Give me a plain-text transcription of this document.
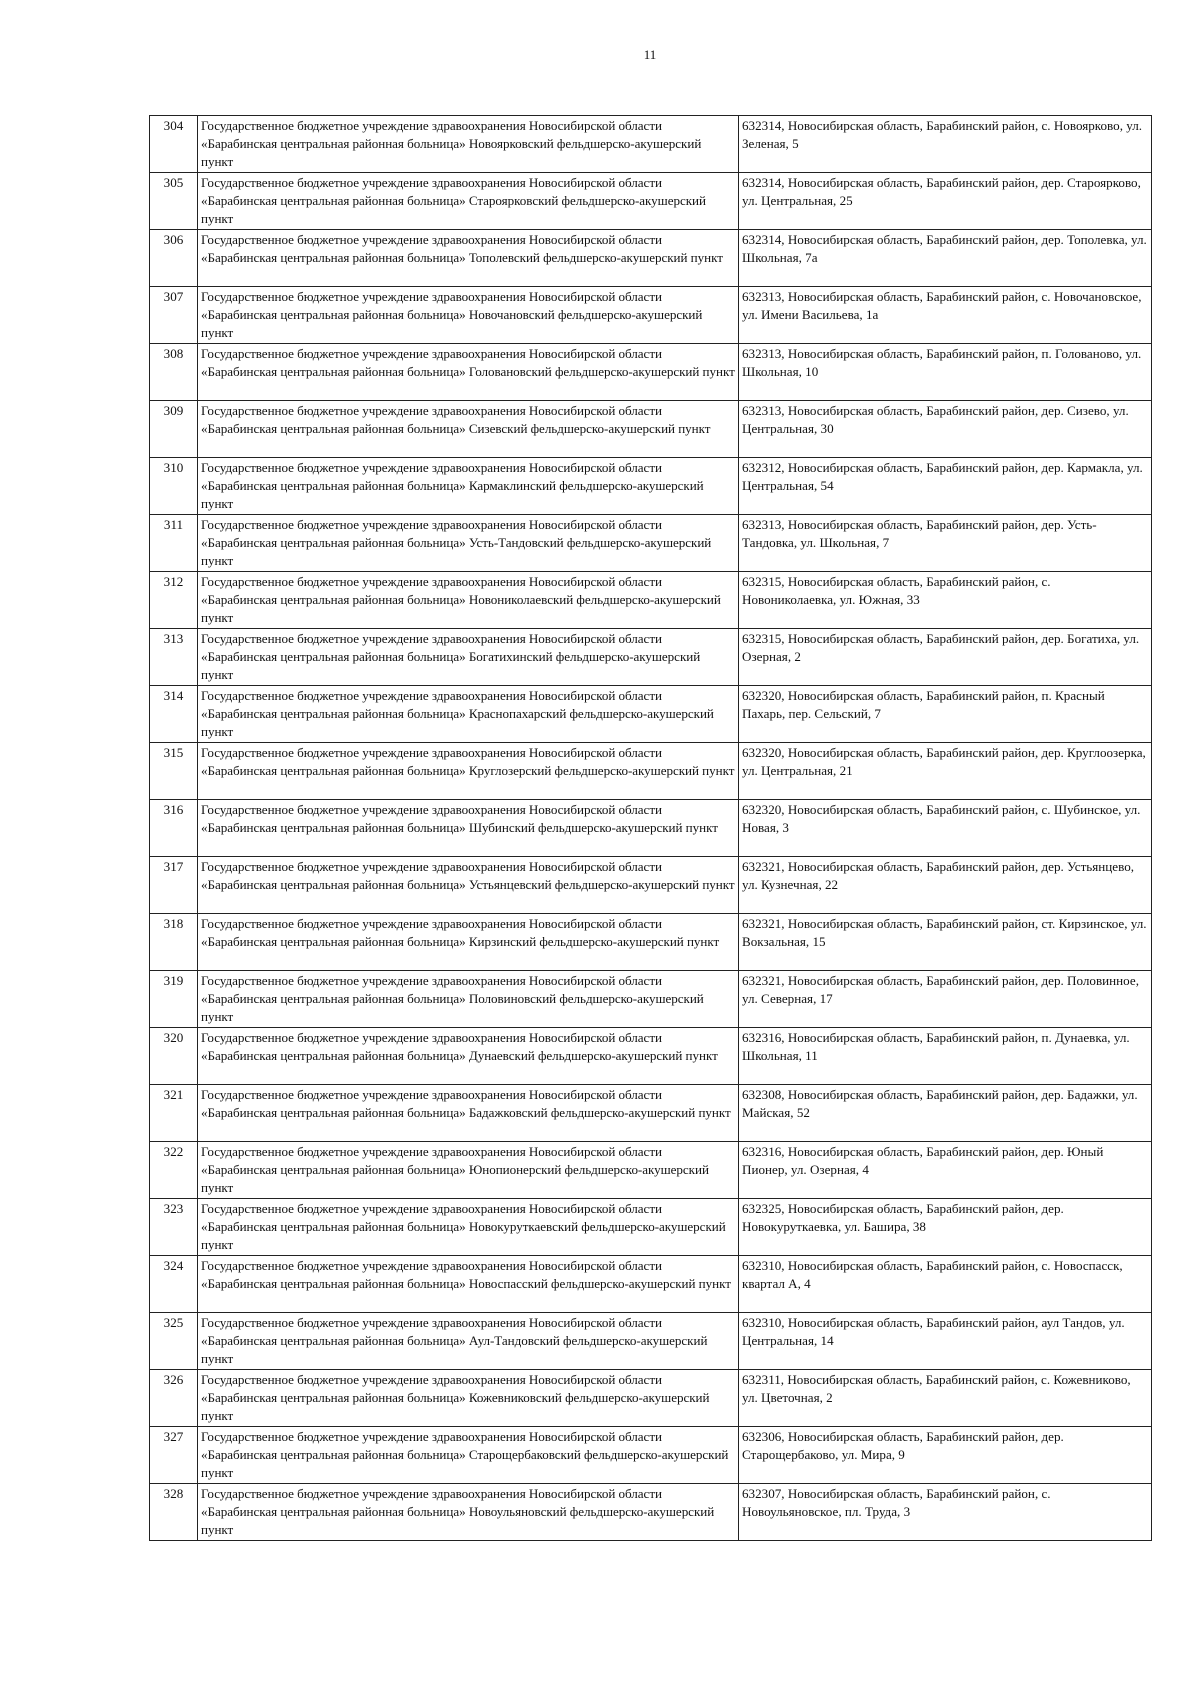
11
304	Государственное бюджетное учреждение здравоохранения Новосибирской области «Барабинская центральная районная больница» Новоярковский фельдшерско-акушерский пункт	632314, Новосибирская область, Барабинский район, с. Новоярково, ул. Зеленая, 5
305	Государственное бюджетное учреждение здравоохранения Новосибирской области «Барабинская центральная районная больница» Староярковский фельдшерско-акушерский пункт	632314, Новосибирская область, Барабинский район, дер. Староярково, ул. Центральная, 25
306	Государственное бюджетное учреждение здравоохранения Новосибирской области «Барабинская центральная районная больница» Тополевский фельдшерско-акушерский пункт	632314, Новосибирская область, Барабинский район, дер. Тополевка, ул. Школьная, 7а
307	Государственное бюджетное учреждение здравоохранения Новосибирской области «Барабинская центральная районная больница» Новочановский фельдшерско-акушерский пункт	632313, Новосибирская область, Барабинский район, с. Новочановское, ул. Имени Васильева, 1а
308	Государственное бюджетное учреждение здравоохранения Новосибирской области «Барабинская центральная районная больница» Головановский фельдшерско-акушерский пункт	632313, Новосибирская область, Барабинский район, п. Голованово, ул. Школьная, 10
309	Государственное бюджетное учреждение здравоохранения Новосибирской области «Барабинская центральная районная больница» Сизевский фельдшерско-акушерский пункт	632313, Новосибирская область, Барабинский район, дер. Сизево, ул. Центральная, 30
310	Государственное бюджетное учреждение здравоохранения Новосибирской области «Барабинская центральная районная больница» Кармаклинский фельдшерско-акушерский пункт	632312, Новосибирская область, Барабинский район, дер. Кармакла, ул. Центральная, 54
311	Государственное бюджетное учреждение здравоохранения Новосибирской области «Барабинская центральная районная больница» Усть-Тандовский фельдшерско-акушерский пункт	632313, Новосибирская область, Барабинский район, дер. Усть-Тандовка, ул. Школьная, 7
312	Государственное бюджетное учреждение здравоохранения Новосибирской области «Барабинская центральная районная больница» Новониколаевский фельдшерско-акушерский пункт	632315, Новосибирская область, Барабинский район, с. Новониколаевка, ул. Южная, 33
313	Государственное бюджетное учреждение здравоохранения Новосибирской области «Барабинская центральная районная больница» Богатихинский фельдшерско-акушерский пункт	632315, Новосибирская область, Барабинский район, дер. Богатиха, ул. Озерная, 2
314	Государственное бюджетное учреждение здравоохранения Новосибирской области «Барабинская центральная районная больница» Краснопахарский фельдшерско-акушерский пункт	632320, Новосибирская область, Барабинский район, п. Красный Пахарь, пер. Сельский, 7
315	Государственное бюджетное учреждение здравоохранения Новосибирской области «Барабинская центральная районная больница» Круглозерский фельдшерско-акушерский пункт	632320, Новосибирская область, Барабинский район, дер. Круглоозерка, ул. Центральная, 21
316	Государственное бюджетное учреждение здравоохранения Новосибирской области «Барабинская центральная районная больница» Шубинский фельдшерско-акушерский пункт	632320, Новосибирская область, Барабинский район, с. Шубинское, ул. Новая, 3
317	Государственное бюджетное учреждение здравоохранения Новосибирской области «Барабинская центральная районная больница» Устьянцевский фельдшерско-акушерский пункт	632321, Новосибирская область, Барабинский район, дер. Устьянцево, ул. Кузнечная, 22
318	Государственное бюджетное учреждение здравоохранения Новосибирской области «Барабинская центральная районная больница» Кирзинский фельдшерско-акушерский пункт	632321, Новосибирская область, Барабинский район, ст. Кирзинское, ул. Вокзальная, 15
319	Государственное бюджетное учреждение здравоохранения Новосибирской области «Барабинская центральная районная больница» Половиновский фельдшерско-акушерский пункт	632321, Новосибирская область, Барабинский район, дер. Половинное, ул. Северная, 17
320	Государственное бюджетное учреждение здравоохранения Новосибирской области «Барабинская центральная районная больница» Дунаевский фельдшерско-акушерский пункт	632316, Новосибирская область, Барабинский район, п. Дунаевка, ул. Школьная, 11
321	Государственное бюджетное учреждение здравоохранения Новосибирской области «Барабинская центральная районная больница» Бадажковский фельдшерско-акушерский пункт	632308, Новосибирская область, Барабинский район, дер. Бадажки, ул. Майская, 52
322	Государственное бюджетное учреждение здравоохранения Новосибирской области «Барабинская центральная районная больница» Юнопионерский фельдшерско-акушерский пункт	632316, Новосибирская область, Барабинский район, дер. Юный Пионер, ул. Озерная, 4
323	Государственное бюджетное учреждение здравоохранения Новосибирской области «Барабинская центральная районная больница» Новокуруткаевский фельдшерско-акушерский пункт	632325, Новосибирская область, Барабинский район, дер. Новокуруткаевка, ул. Башира, 38
324	Государственное бюджетное учреждение здравоохранения Новосибирской области «Барабинская центральная районная больница» Новоспасский фельдшерско-акушерский пункт	632310, Новосибирская область, Барабинский район, с. Новоспасск, квартал А, 4
325	Государственное бюджетное учреждение здравоохранения Новосибирской области «Барабинская центральная районная больница» Аул-Тандовский фельдшерско-акушерский пункт	632310, Новосибирская область, Барабинский район, аул Тандов, ул. Центральная, 14
326	Государственное бюджетное учреждение здравоохранения Новосибирской области «Барабинская центральная районная больница» Кожевниковский фельдшерско-акушерский пункт	632311, Новосибирская область, Барабинский район, с. Кожевниково, ул. Цветочная, 2
327	Государственное бюджетное учреждение здравоохранения Новосибирской области «Барабинская центральная районная больница» Старощербаковский фельдшерско-акушерский пункт	632306, Новосибирская область, Барабинский район, дер. Старощербаково, ул. Мира, 9
328	Государственное бюджетное учреждение здравоохранения Новосибирской области «Барабинская центральная районная больница» Новоульяновский фельдшерско-акушерский пункт	632307, Новосибирская область, Барабинский район, с. Новоульяновское, пл. Труда, 3
